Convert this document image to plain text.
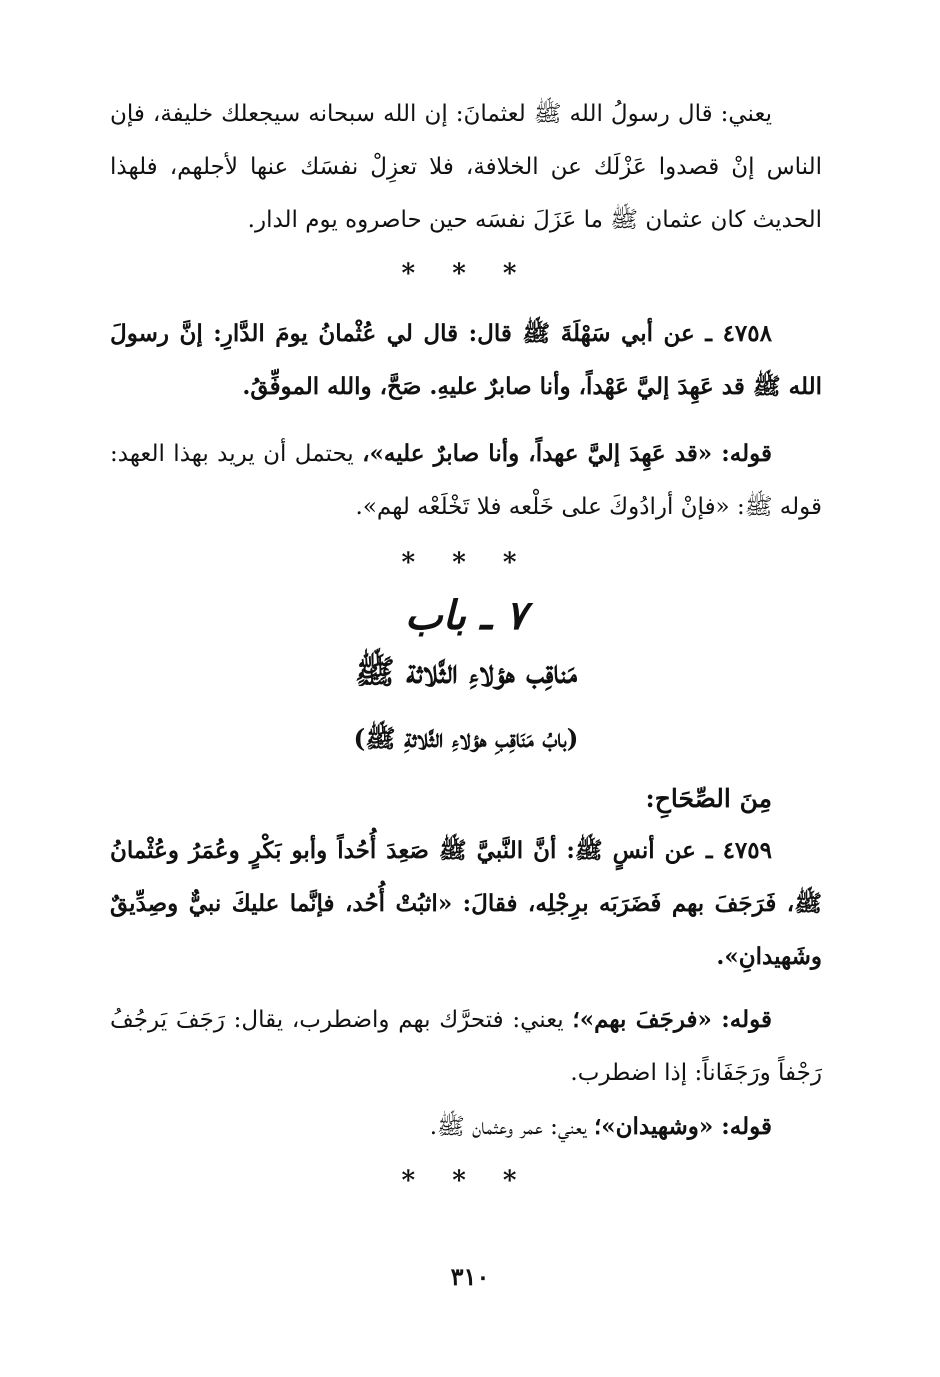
يعني: قال رسولُ الله ﷺ لعثمانَ: إن الله سبحانه سيجعلك خليفة، فإن الناس إنْ قصدوا عَزْلَك عن الخلافة، فلا تعزِلْ نفسَك عنها لأجلهم، فلهذا الحديث كان عثمان ﷺ ما عَزَلَ نفسَه حين حاصروه يوم الدار.

* * *

٤٧٥٨ ـ عن أبي سَهْلَةَ ﷺ قال: قال لي عُثْمانُ يومَ الدَّارِ: إنَّ رسولَ الله ﷺ قد عَهِدَ إليَّ عَهْداً، وأنا صابرٌ عليهِ. صَحَّ، والله الموفِّقُ.

قوله: «قد عَهِدَ إليَّ عهداً، وأنا صابرٌ عليه»، يحتمل أن يريد بهذا العهد: قوله ﷺ: «فإنْ أرادُوكَ على خَلْعه فلا تَخْلَعْه لهم».

* * *

٧ ـ باب

مَناقِب هؤلاءِ الثَّلاثة ﷺ

(بابُ مَنَاقِبِ هؤلاءِ الثَّلاثةِ ﷺ)

مِنَ الصِّحَاحِ:

٤٧٥٩ ـ عن أنسٍ ﷺ: أنَّ النَّبيَّ ﷺ صَعِدَ أُحُداً وأبو بَكْرٍ وعُمَرُ وعُثْمانُ ﷺ، فَرَجَفَ بهم فَضَرَبَه برِجْلِه، فقالَ: «اثبُتْ أُحُد، فإنَّما عليكَ نبيٌّ وصِدِّيقٌ وشَهيدانِ».

قوله: «فرجَفَ بهم»؛ يعني: فتحرَّك بهم واضطرب، يقال: رَجَفَ يَرجُفُ رَجْفاً ورَجَفَاناً: إذا اضطرب.

قوله: «وشهيدان»؛ يعني: عمر وعثمان ﷺ.

* * *

٣١٠
